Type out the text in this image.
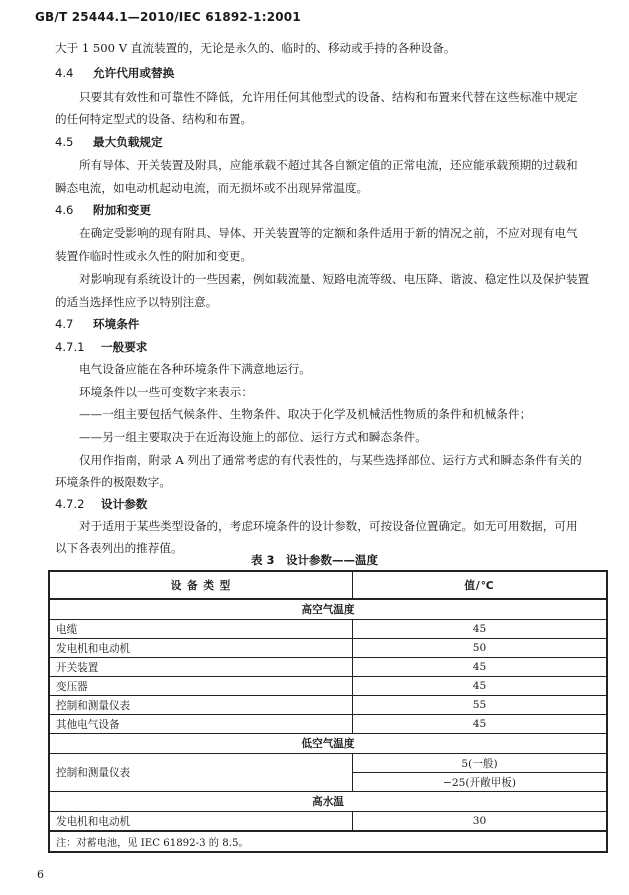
GB/T 25444.1—2010/IEC 61892-1:2001
大于 1 500 V 直流装置的，无论是永久的、临时的、移动或手持的各种设备。
4.4 允许代用或替换
只要其有效性和可靠性不降低，允许用任何其他型式的设备、结构和布置来代替在这些标准中规定
的任何特定型式的设备、结构和布置。
4.5 最大负载规定
所有导体、开关装置及附具，应能承载不超过其各自额定值的正常电流，还应能承载预期的过载和
瞬态电流，如电动机起动电流，而无损坏或不出现异常温度。
4.6 附加和变更
在确定受影响的现有附具、导体、开关装置等的定额和条件适用于新的情况之前，不应对现有电气
装置作临时性或永久性的附加和变更。
对影响现有系统设计的一些因素，例如载流量、短路电流等级、电压降、谐波、稳定性以及保护装置
的适当选择性应予以特别注意。
4.7 环境条件
4.7.1 一般要求
电气设备应能在各种环境条件下满意地运行。
环境条件以一些可变数字来表示：
——一组主要包括气候条件、生物条件、取决于化学及机械活性物质的条件和机械条件；
——另一组主要取决于在近海设施上的部位、运行方式和瞬态条件。
仅用作指南，附录 A 列出了通常考虑的有代表性的，与某些选择部位、运行方式和瞬态条件有关的
环境条件的极限数字。
4.7.2 设计参数
对于适用于某些类型设备的，考虑环境条件的设计参数，可按设备位置确定。如无可用数据，可用
以下各表列出的推荐值。
表 3　设计参数——温度
设 备 类 型	值/℃
高空气温度	
电缆	45
发电机和电动机	50
开关装置	45
变压器	45
控制和测量仪表	55
其他电气设备	45
低空气温度	
控制和测量仪表	5(一般)
	−25(开敞甲板)
高水温	
发电机和电动机	30
注：对蓄电池，见 IEC 61892-3 的 8.5。	
6
